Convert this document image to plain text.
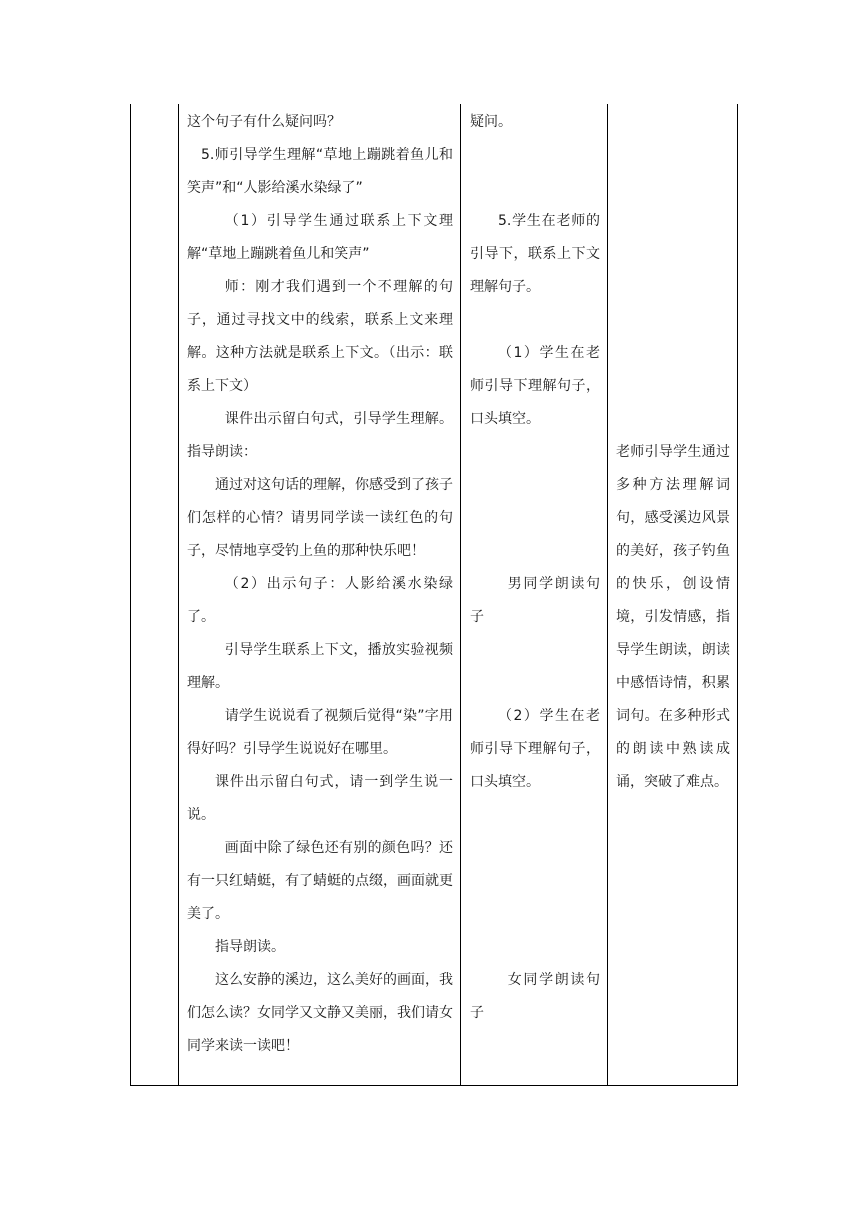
这个句子有什么疑问吗？

5.师引导学生理解“草地上蹦跳着鱼儿和笑声”和“人影给溪水染绿了”

（1）引导学生通过联系上下文理解“草地上蹦跳着鱼儿和笑声”

师：刚才我们遇到一个不理解的句子，通过寻找文中的线索，联系上文来理解。这种方法就是联系上下文。（出示：联系上下文）

课件出示留白句式，引导学生理解。指导朗读：

通过对这句话的理解，你感受到了孩子们怎样的心情？请男同学读一读红色的句子，尽情地享受钓上鱼的那种快乐吧！

（2）出示句子：人影给溪水染绿了。

引导学生联系上下文，播放实验视频理解。

请学生说说看了视频后觉得“染”字用得好吗？引导学生说说好在哪里。

课件出示留白句式，请一到学生说一说。

画面中除了绿色还有别的颜色吗？还有一只红蜻蜓，有了蜻蜓的点缀，画面就更美了。

指导朗读。

这么安静的溪边，这么美好的画面，我们怎么读？女同学又文静又美丽，我们请女同学来读一读吧！

疑问。

5.学生在老师的引导下，联系上下文理解句子。

（1）学生在老师引导下理解句子，口头填空。

男同学朗读句子

（2）学生在老师引导下理解句子，口头填空。

女同学朗读句子

老师引导学生通过多种方法理解词句，感受溪边风景的美好，孩子钓鱼的快乐，创设情境，引发情感，指导学生朗读，朗读中感悟诗情，积累词句。在多种形式的朗读中熟读成诵，突破了难点。
